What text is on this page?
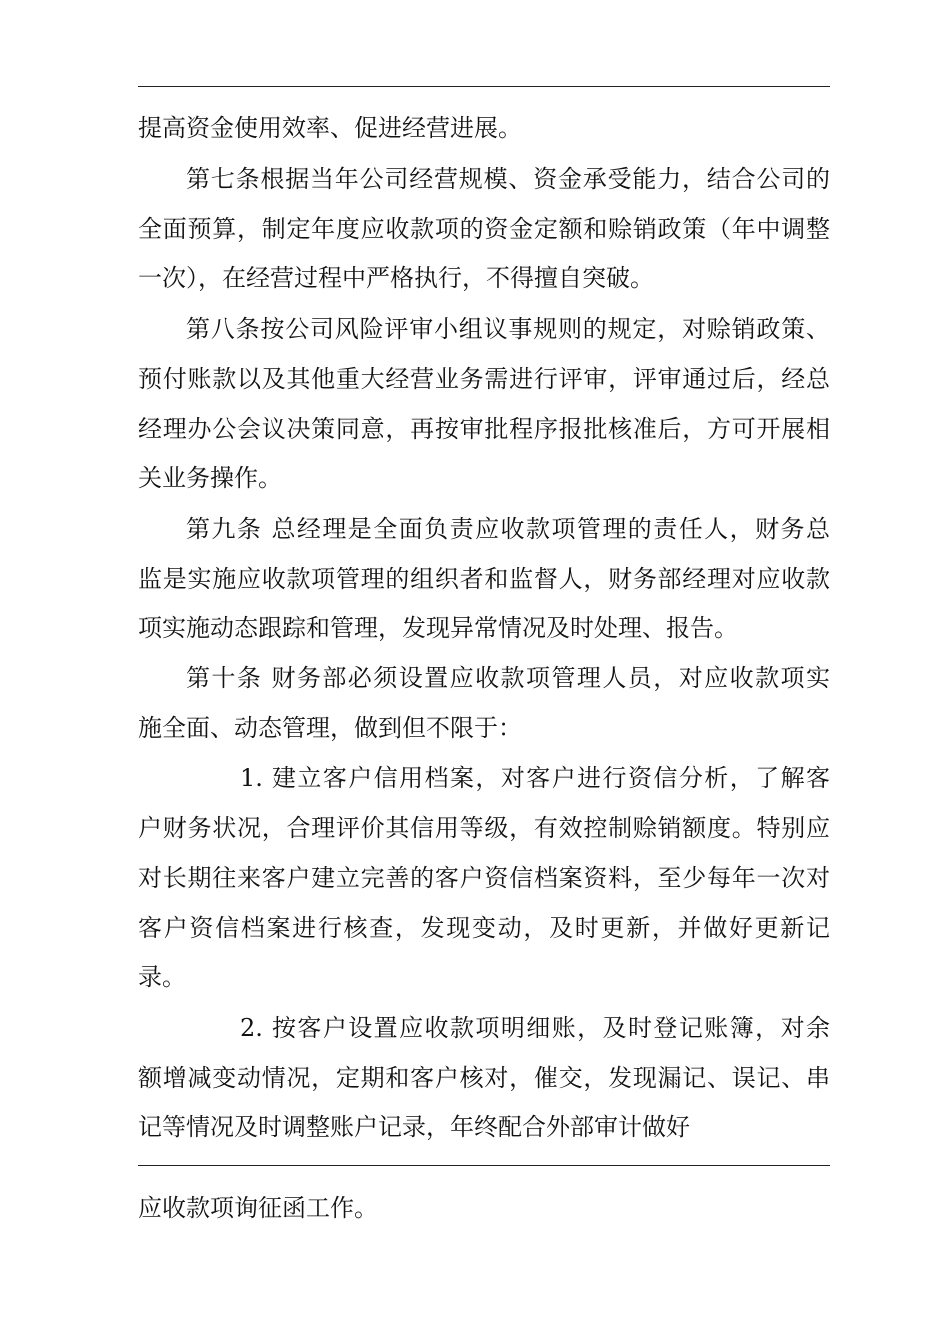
提高资金使用效率、促进经营进展。
第七条根据当年公司经营规模、资金承受能力，结合公司的
全面预算，制定年度应收款项的资金定额和赊销政策（年中调整
一次），在经营过程中严格执行，不得擅自突破。
第八条按公司风险评审小组议事规则的规定，对赊销政策、
预付账款以及其他重大经营业务需进行评审，评审通过后，经总
经理办公会议决策同意，再按审批程序报批核准后，方可开展相
关业务操作。
第九条 总经理是全面负责应收款项管理的责任人，财务总
监是实施应收款项管理的组织者和监督人，财务部经理对应收款
项实施动态跟踪和管理，发现异常情况及时处理、报告。
第十条 财务部必须设置应收款项管理人员，对应收款项实
施全面、动态管理，做到但不限于：
1. 建立客户信用档案，对客户进行资信分析，了解客
户财务状况，合理评价其信用等级，有效控制赊销额度。特别应
对长期往来客户建立完善的客户资信档案资料，至少每年一次对
客户资信档案进行核查，发现变动，及时更新，并做好更新记
录。
2. 按客户设置应收款项明细账，及时登记账簿，对余
额增减变动情况，定期和客户核对，催交，发现漏记、误记、串
记等情况及时调整账户记录，年终配合外部审计做好
应收款项询征函工作。
